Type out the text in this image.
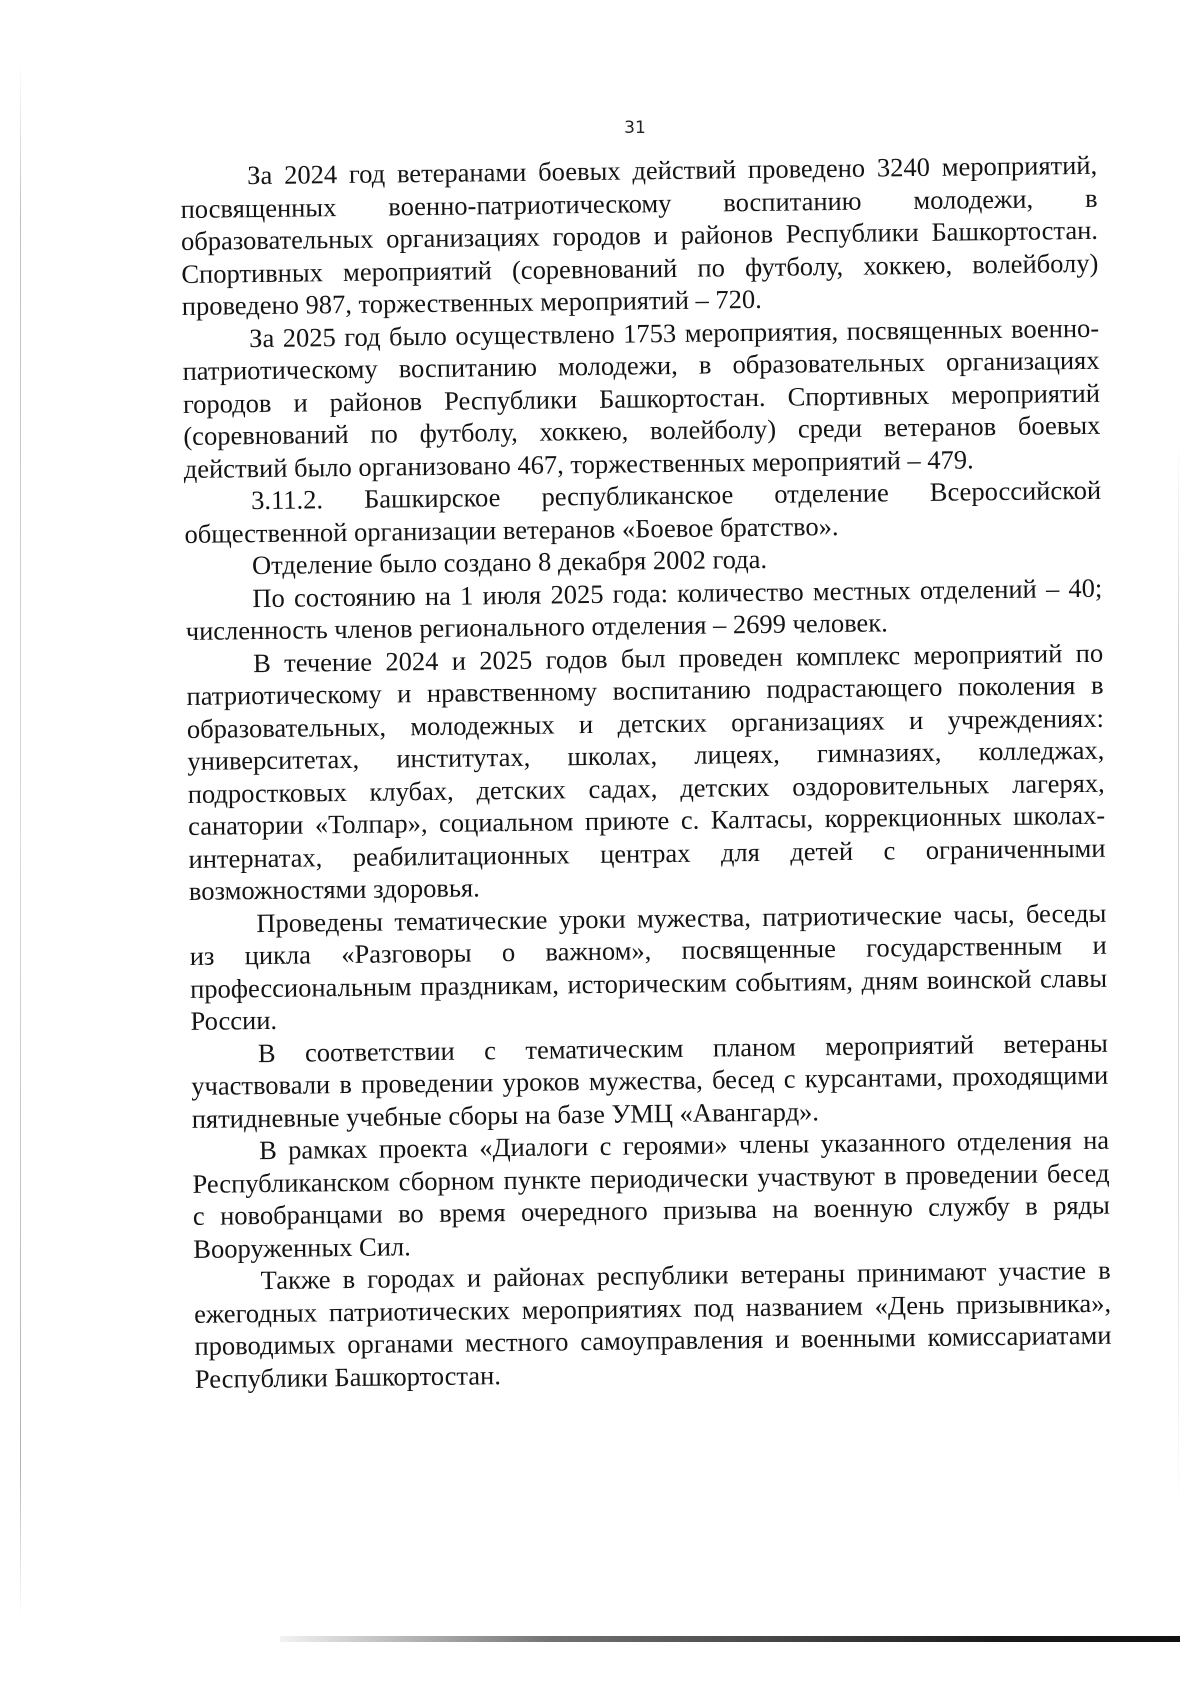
31

За 2024 год ветеранами боевых действий проведено 3240 мероприятий, посвященных военно-патриотическому воспитанию молодежи, в образовательных организациях городов и районов Республики Башкортостан. Спортивных мероприятий (соревнований по футболу, хоккею, волейболу) проведено 987, торжественных мероприятий – 720.

За 2025 год было осуществлено 1753 мероприятия, посвященных военно-патриотическому воспитанию молодежи, в образовательных организациях городов и районов Республики Башкортостан. Спортивных мероприятий (соревнований по футболу, хоккею, волейболу) среди ветеранов боевых действий было организовано 467, торжественных мероприятий – 479.

3.11.2. Башкирское республиканское отделение Всероссийской общественной организации ветеранов «Боевое братство».

Отделение было создано 8 декабря 2002 года.

По состоянию на 1 июля 2025 года: количество местных отделений – 40; численность членов регионального отделения – 2699 человек.

В течение 2024 и 2025 годов был проведен комплекс мероприятий по патриотическому и нравственному воспитанию подрастающего поколения в образовательных, молодежных и детских организациях и учреждениях: университетах, институтах, школах, лицеях, гимназиях, колледжах, подростковых клубах, детских садах, детских оздоровительных лагерях, санатории «Толпар», социальном приюте с. Калтасы, коррекционных школах-интернатах, реабилитационных центрах для детей с ограниченными возможностями здоровья.

Проведены тематические уроки мужества, патриотические часы, беседы из цикла «Разговоры о важном», посвященные государственным и профессиональным праздникам, историческим событиям, дням воинской славы России.

В соответствии с тематическим планом мероприятий ветераны участвовали в проведении уроков мужества, бесед с курсантами, проходящими пятидневные учебные сборы на базе УМЦ «Авангард».

В рамках проекта «Диалоги с героями» члены указанного отделения на Республиканском сборном пункте периодически участвуют в проведении бесед с новобранцами во время очередного призыва на военную службу в ряды Вооруженных Сил.

Также в городах и районах республики ветераны принимают участие в ежегодных патриотических мероприятиях под названием «День призывника», проводимых органами местного самоуправления и военными комиссариатами Республики Башкортостан.
